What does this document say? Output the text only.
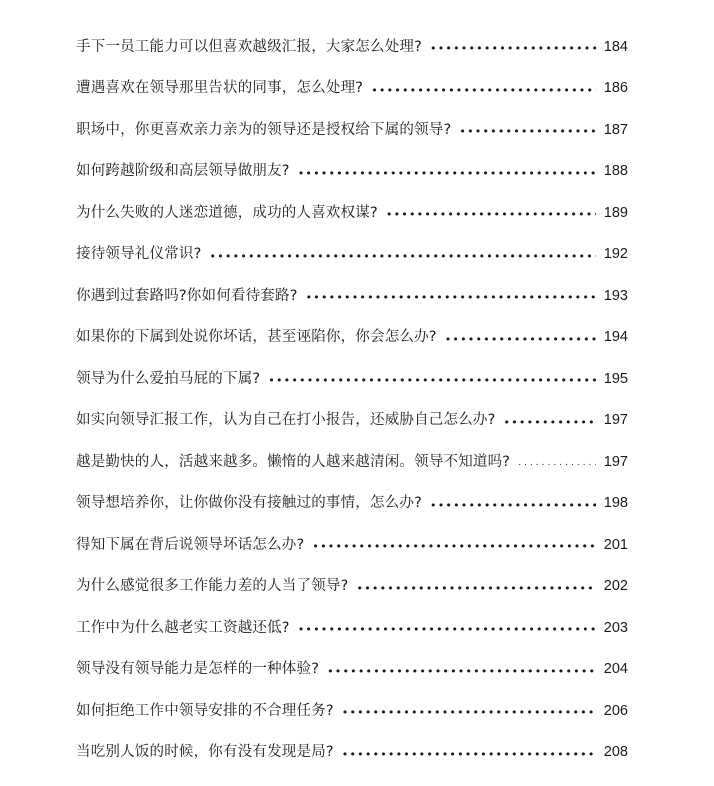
手下一员工能力可以但喜欢越级汇报，大家怎么处理? •••••	184
遭遇喜欢在领导那里告状的同事，怎么处理? •••••	186
职场中，你更喜欢亲力亲为的领导还是授权给下属的领导? •••••	187
如何跨越阶级和高层领导做朋友? •••••	188
为什么失败的人迷恋道德，成功的人喜欢权谋? •••••	189
接待领导礼仪常识? •••••	192
你遇到过套路吗?你如何看待套路? •••••	193
如果你的下属到处说你坏话，甚至诬陷你，你会怎么办? •••••	194
领导为什么爱拍马屁的下属? •••••	195
如实向领导汇报工作，认为自己在打小报告，还威胁自己怎么办? •••••	197
越是勤快的人，活越来越多。懒惰的人越来越清闲。领导不知道吗? .....	197
领导想培养你，让你做你没有接触过的事情，怎么办? •••••	198
得知下属在背后说领导坏话怎么办? •••••	201
为什么感觉很多工作能力差的人当了领导? •••••	202
工作中为什么越老实工资越还低? •••••	203
领导没有领导能力是怎样的一种体验? •••••	204
如何拒绝工作中领导安排的不合理任务? •••••	206
当吃别人饭的时候，你有没有发现是局? •••••	208
